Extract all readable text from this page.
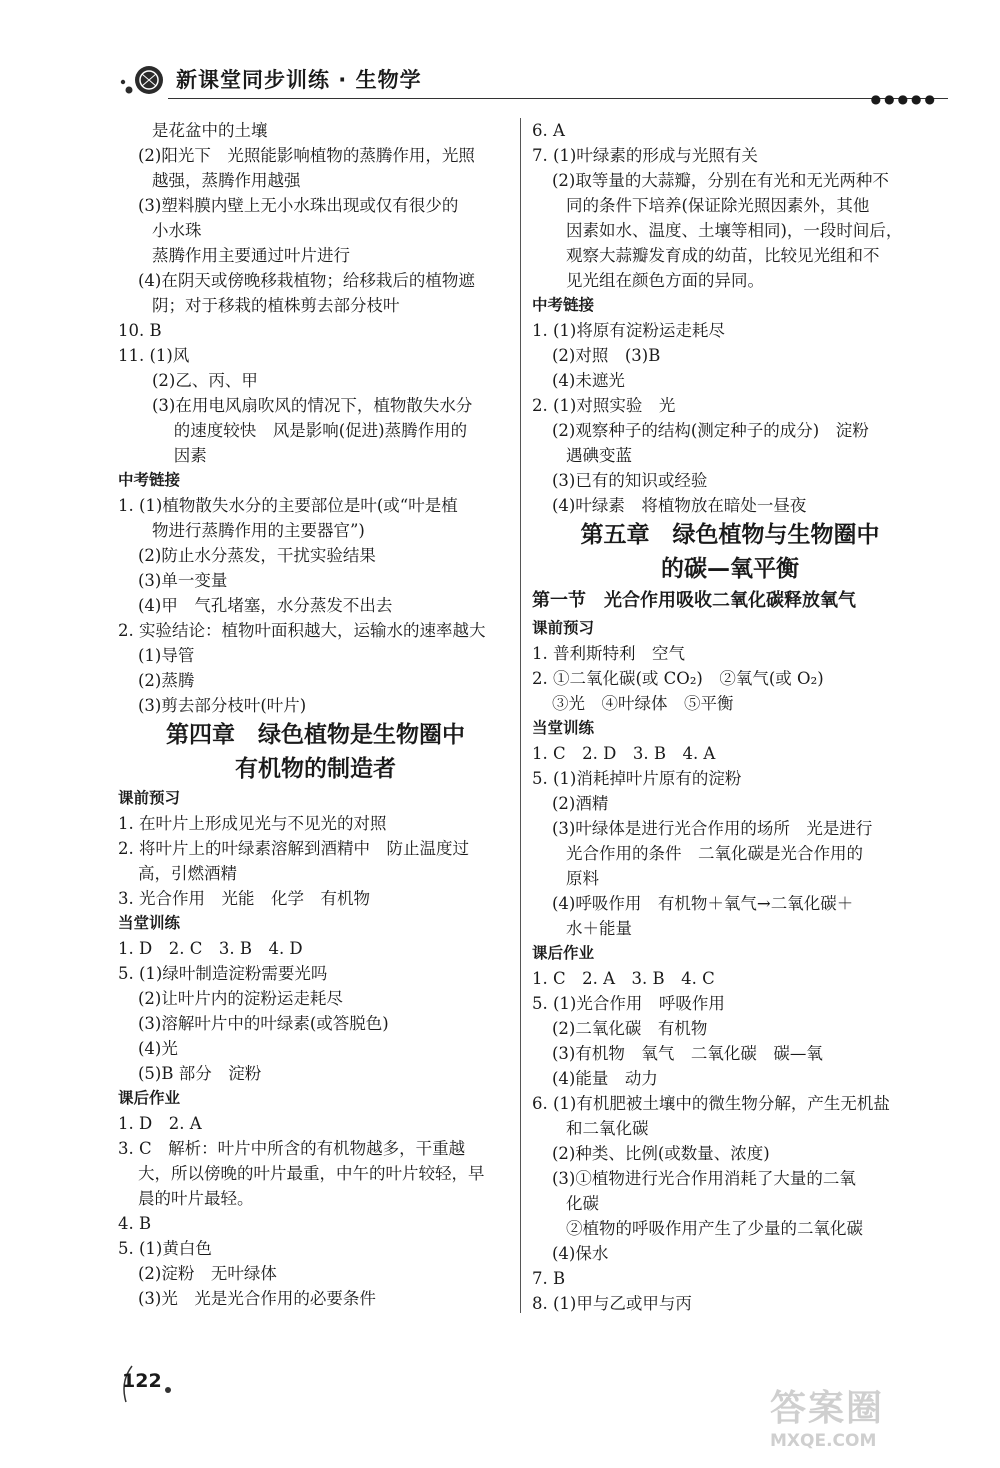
新课堂同步训练 · 生物学
●●●●●
是花盆中的土壤
(2)阳光下　光照能影响植物的蒸腾作用，光照
越强，蒸腾作用越强
(3)塑料膜内壁上无小水珠出现或仅有很少的
小水珠
蒸腾作用主要通过叶片进行
(4)在阴天或傍晚移栽植物；给移栽后的植物遮
阴；对于移栽的植株剪去部分枝叶
10. B
11. (1)风
(2)乙、丙、甲
(3)在用电风扇吹风的情况下，植物散失水分
　 的速度较快　风是影响(促进)蒸腾作用的
　 因素
中考链接
1. (1)植物散失水分的主要部位是叶(或“叶是植
物进行蒸腾作用的主要器官”)
(2)防止水分蒸发，干扰实验结果
(3)单一变量
(4)甲　气孔堵塞，水分蒸发不出去
2. 实验结论：植物叶面积越大，运输水的速率越大
(1)导管
(2)蒸腾
(3)剪去部分枝叶(叶片)
第四章　绿色植物是生物圈中
有机物的制造者
课前预习
1. 在叶片上形成见光与不见光的对照
2. 将叶片上的叶绿素溶解到酒精中　防止温度过
高，引燃酒精
3. 光合作用　光能　化学　有机物
当堂训练
1. D　2. C　3. B　4. D
5. (1)绿叶制造淀粉需要光吗
(2)让叶片内的淀粉运走耗尽
(3)溶解叶片中的叶绿素(或答脱色)
(4)光
(5)B 部分　淀粉
课后作业
1. D　2. A
3. C　解析：叶片中所含的有机物越多，干重越
大，所以傍晚的叶片最重，中午的叶片较轻，早
晨的叶片最轻。
4. B
5. (1)黄白色
(2)淀粉　无叶绿体
(3)光　光是光合作用的必要条件
6. A
7. (1)叶绿素的形成与光照有关
(2)取等量的大蒜瓣，分别在有光和无光两种不
同的条件下培养(保证除光照因素外，其他
因素如水、温度、土壤等相同)，一段时间后，
观察大蒜瓣发育成的幼苗，比较见光组和不
见光组在颜色方面的异同。
中考链接
1. (1)将原有淀粉运走耗尽
(2)对照　(3)B
(4)未遮光
2. (1)对照实验　光
(2)观察种子的结构(测定种子的成分)　淀粉
遇碘变蓝
(3)已有的知识或经验
(4)叶绿素　将植物放在暗处一昼夜
第五章　绿色植物与生物圈中
的碳—氧平衡
第一节　光合作用吸收二氧化碳释放氧气
课前预习
1. 普利斯特利　空气
2. ①二氧化碳(或 CO₂)　②氧气(或 O₂)
③光　④叶绿体　⑤平衡
当堂训练
1. C　2. D　3. B　4. A
5. (1)消耗掉叶片原有的淀粉
(2)酒精
(3)叶绿体是进行光合作用的场所　光是进行
光合作用的条件　二氧化碳是光合作用的
原料
(4)呼吸作用　有机物＋氧气→二氧化碳＋
水＋能量
课后作业
1. C　2. A　3. B　4. C
5. (1)光合作用　呼吸作用
(2)二氧化碳　有机物
(3)有机物　氧气　二氧化碳　碳—氧
(4)能量　动力
6. (1)有机肥被土壤中的微生物分解，产生无机盐
和二氧化碳
(2)种类、比例(或数量、浓度)
(3)①植物进行光合作用消耗了大量的二氧
化碳
②植物的呼吸作用产生了少量的二氧化碳
(4)保水
7. B
8. (1)甲与乙或甲与丙
122
答案圈
MXQE.COM
